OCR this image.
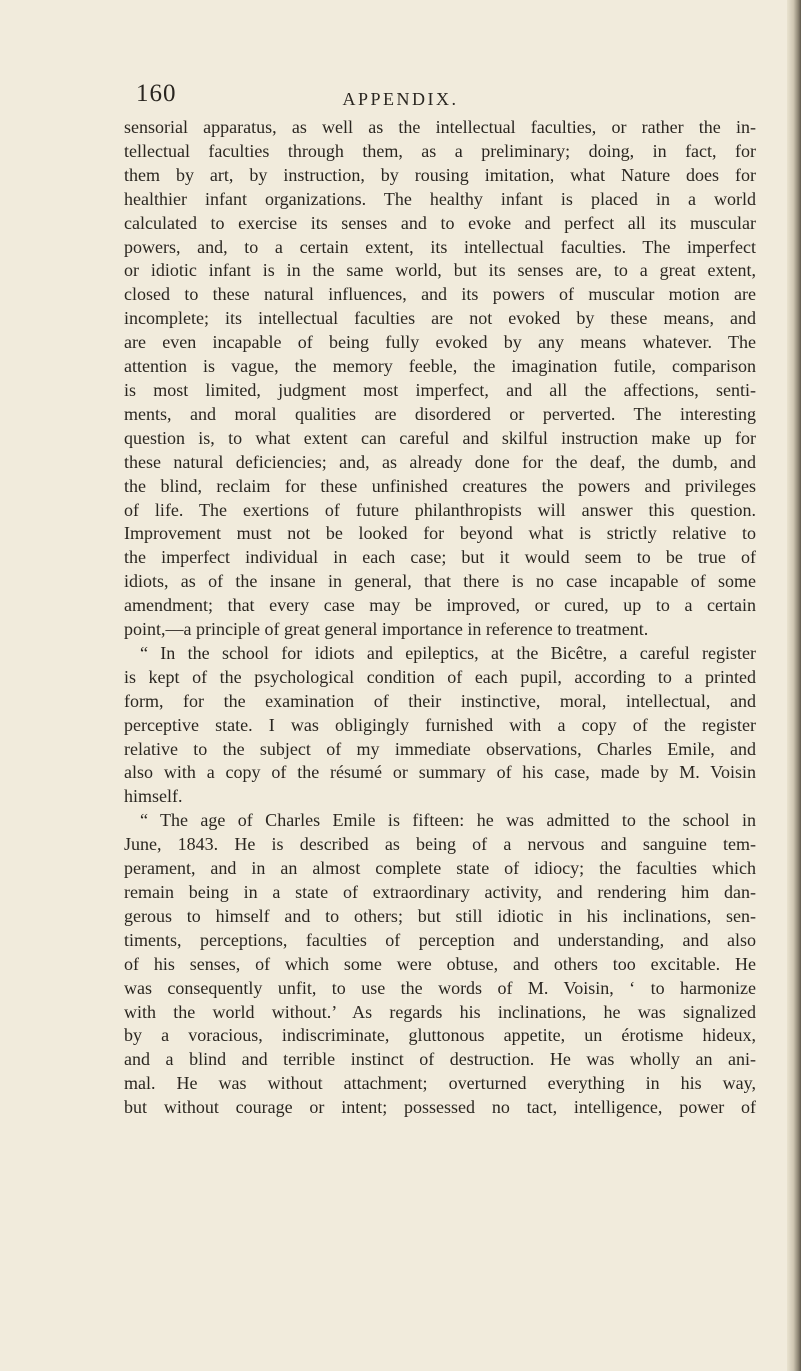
160	APPENDIX.
sensorial apparatus, as well as the intellectual faculties, or rather the in-
tellectual faculties through them, as a preliminary; doing, in fact, for
them by art, by instruction, by rousing imitation, what Nature does for
healthier infant organizations. The healthy infant is placed in a world
calculated to exercise its senses and to evoke and perfect all its muscular
powers, and, to a certain extent, its intellectual faculties. The imperfect
or idiotic infant is in the same world, but its senses are, to a great extent,
closed to these natural influences, and its powers of muscular motion are
incomplete; its intellectual faculties are not evoked by these means, and
are even incapable of being fully evoked by any means whatever. The
attention is vague, the memory feeble, the imagination futile, comparison
is most limited, judgment most imperfect, and all the affections, senti-
ments, and moral qualities are disordered or perverted. The interesting
question is, to what extent can careful and skilful instruction make up for
these natural deficiencies; and, as already done for the deaf, the dumb, and
the blind, reclaim for these unfinished creatures the powers and privileges
of life. The exertions of future philanthropists will answer this question.
Improvement must not be looked for beyond what is strictly relative to
the imperfect individual in each case; but it would seem to be true of
idiots, as of the insane in general, that there is no case incapable of some
amendment; that every case may be improved, or cured, up to a certain
point,—a principle of great general importance in reference to treatment.
“ In the school for idiots and epileptics, at the Bicêtre, a careful register
is kept of the psychological condition of each pupil, according to a printed
form, for the examination of their instinctive, moral, intellectual, and
perceptive state. I was obligingly furnished with a copy of the register
relative to the subject of my immediate observations, Charles Emile, and
also with a copy of the résumé or summary of his case, made by M. Voisin
himself.
“ The age of Charles Emile is fifteen: he was admitted to the school in
June, 1843. He is described as being of a nervous and sanguine tem-
perament, and in an almost complete state of idiocy; the faculties which
remain being in a state of extraordinary activity, and rendering him dan-
gerous to himself and to others; but still idiotic in his inclinations, sen-
timents, perceptions, faculties of perception and understanding, and also
of his senses, of which some were obtuse, and others too excitable. He
was consequently unfit, to use the words of M. Voisin, ‘ to harmonize
with the world without.’ As regards his inclinations, he was signalized
by a voracious, indiscriminate, gluttonous appetite, un érotisme hideux,
and a blind and terrible instinct of destruction. He was wholly an ani-
mal. He was without attachment; overturned everything in his way,
but without courage or intent; possessed no tact, intelligence, power of
